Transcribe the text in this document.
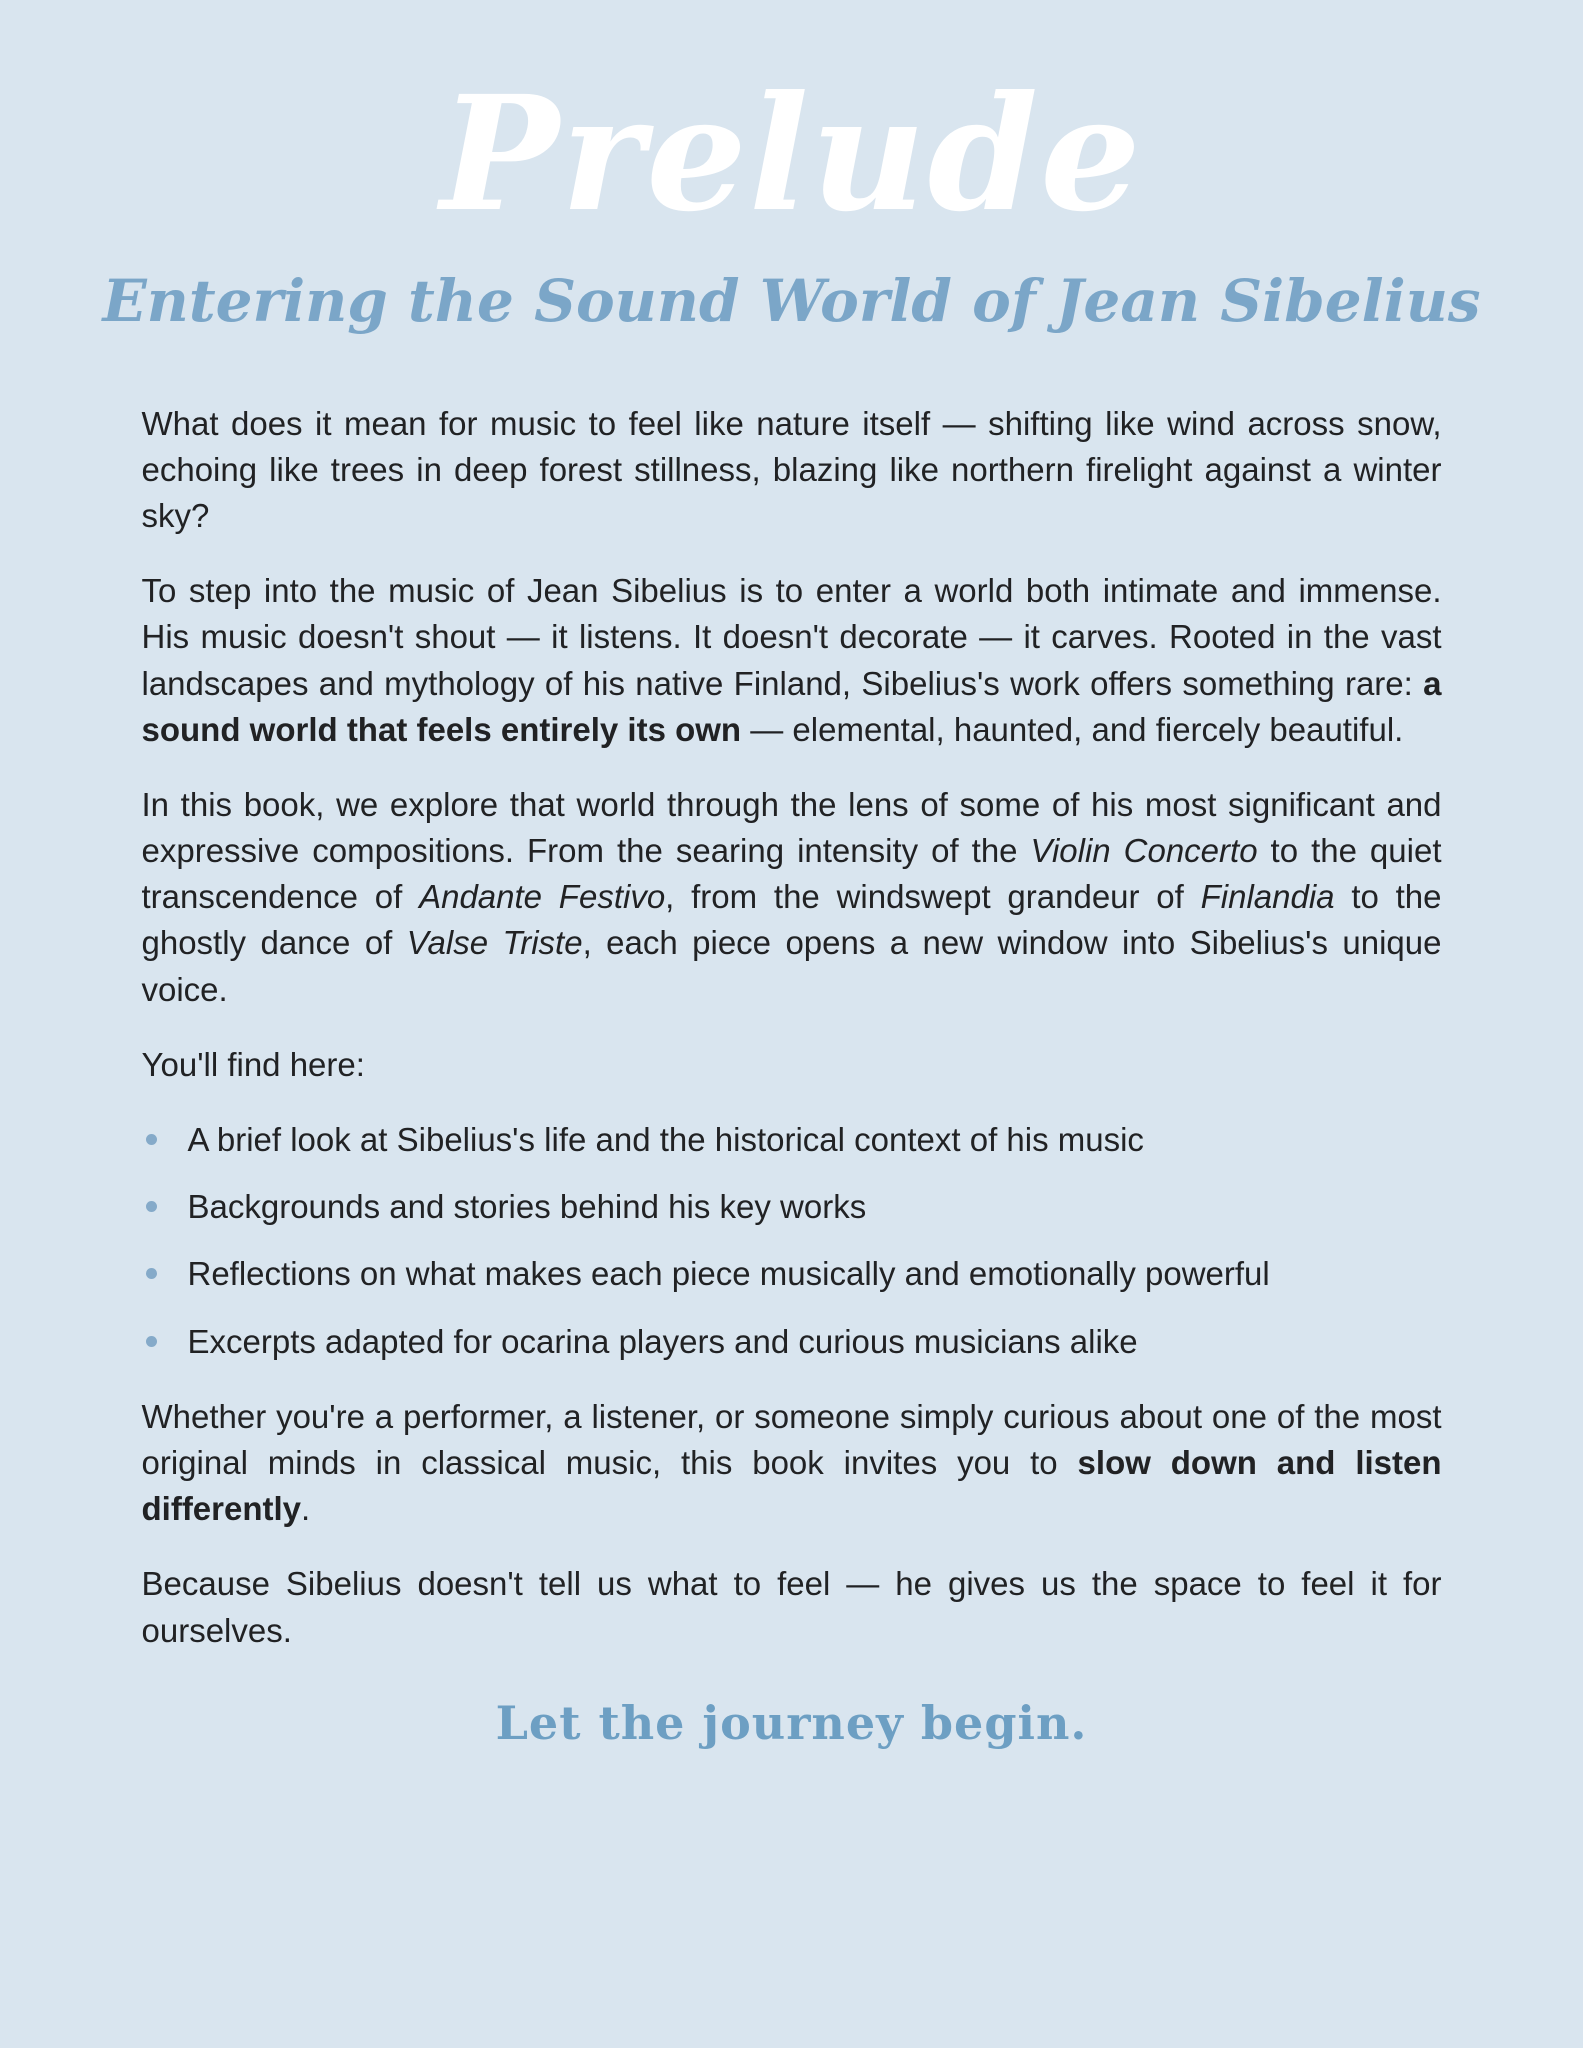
Prelude
Entering the Sound World of Jean Sibelius

What does it mean for music to feel like nature itself — shifting like wind across snow, echoing like trees in deep forest stillness, blazing like northern firelight against a winter sky?

To step into the music of Jean Sibelius is to enter a world both intimate and immense. His music doesn't shout — it listens. It doesn't decorate — it carves. Rooted in the vast landscapes and mythology of his native Finland, Sibelius's work offers something rare: a sound world that feels entirely its own — elemental, haunted, and fiercely beautiful.

In this book, we explore that world through the lens of some of his most significant and expressive compositions. From the searing intensity of the Violin Concerto to the quiet transcendence of Andante Festivo, from the windswept grandeur of Finlandia to the ghostly dance of Valse Triste, each piece opens a new window into Sibelius's unique voice.

You'll find here:

A brief look at Sibelius's life and the historical context of his music
Backgrounds and stories behind his key works
Reflections on what makes each piece musically and emotionally powerful
Excerpts adapted for ocarina players and curious musicians alike

Whether you're a performer, a listener, or someone simply curious about one of the most original minds in classical music, this book invites you to slow down and listen differently.

Because Sibelius doesn't tell us what to feel — he gives us the space to feel it for ourselves.

Let the journey begin.
